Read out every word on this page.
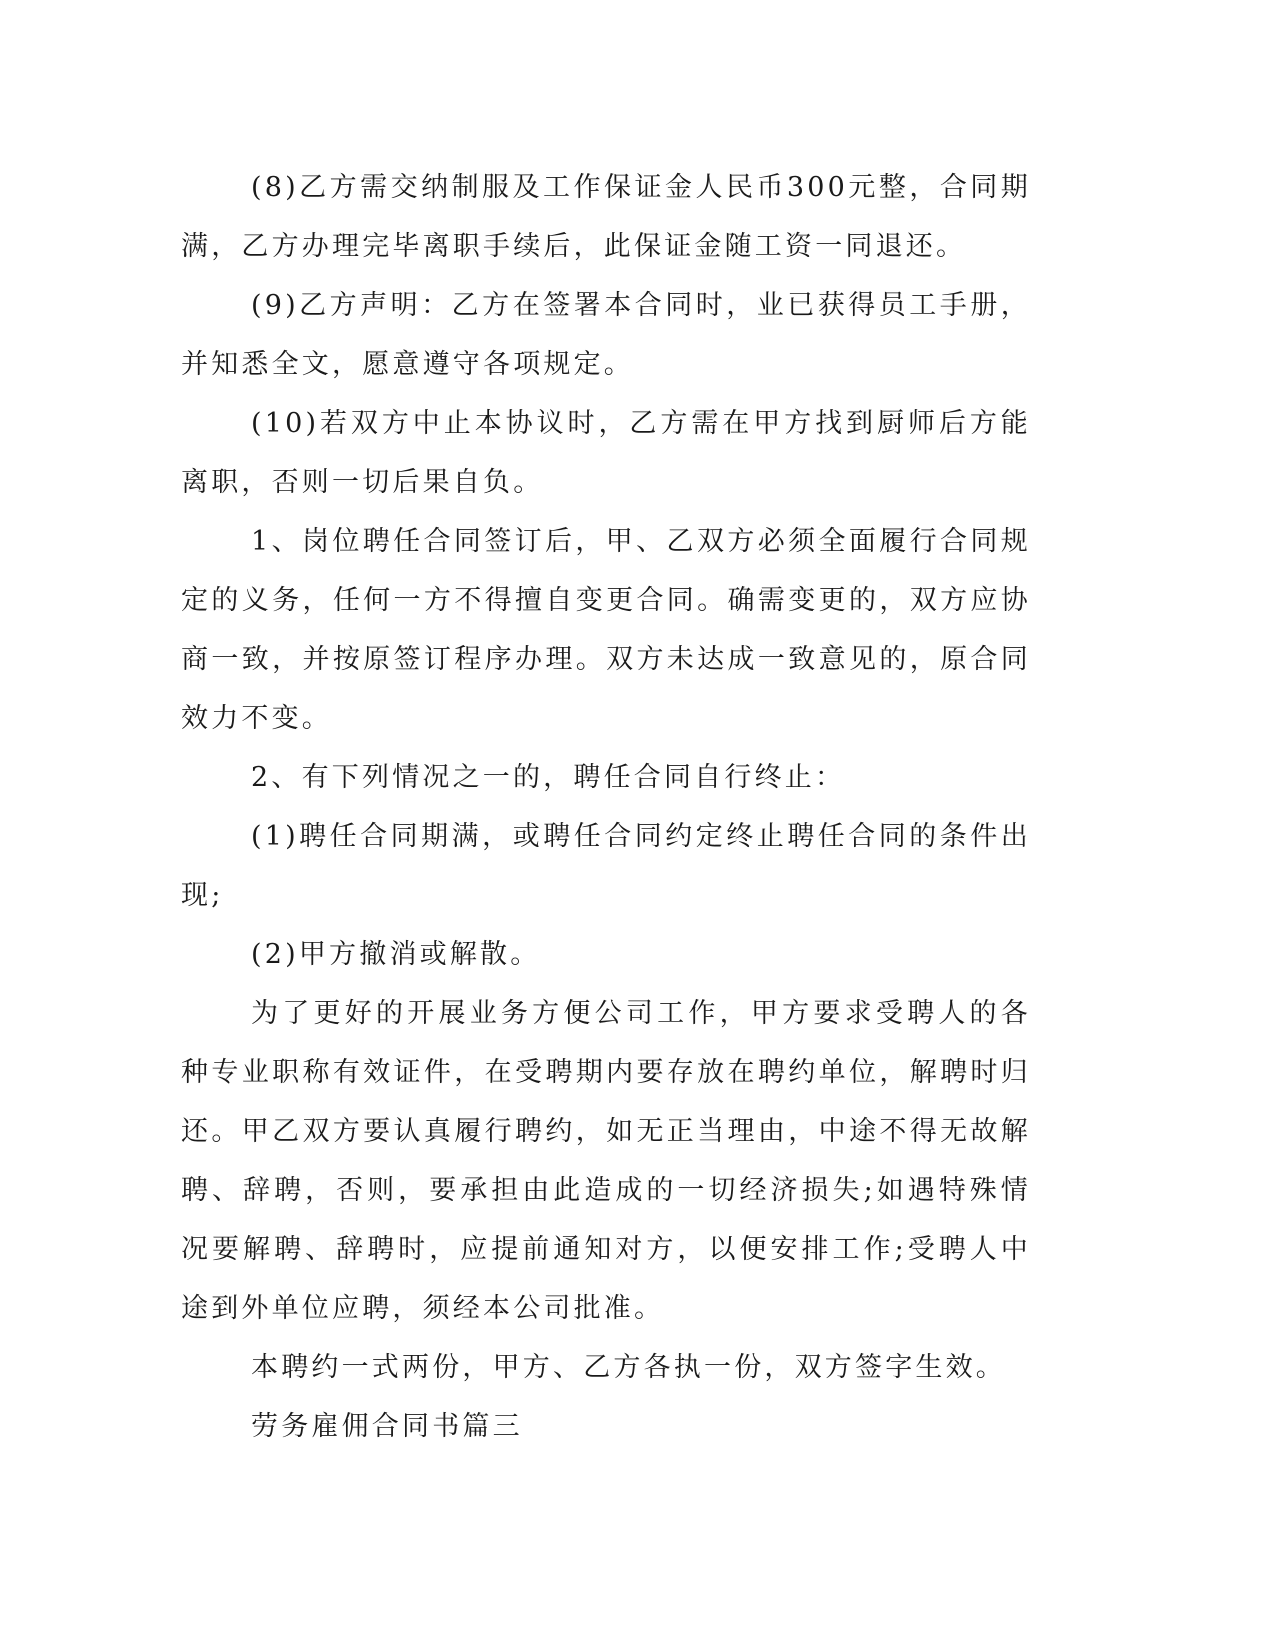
(8)乙方需交纳制服及工作保证金人民币300元整，合同期满，乙方办理完毕离职手续后，此保证金随工资一同退还。

(9)乙方声明：乙方在签署本合同时，业已获得员工手册，并知悉全文，愿意遵守各项规定。

(10)若双方中止本协议时，乙方需在甲方找到厨师后方能离职，否则一切后果自负。

1、岗位聘任合同签订后，甲、乙双方必须全面履行合同规定的义务，任何一方不得擅自变更合同。确需变更的，双方应协商一致，并按原签订程序办理。双方未达成一致意见的，原合同效力不变。

2、有下列情况之一的，聘任合同自行终止：

(1)聘任合同期满，或聘任合同约定终止聘任合同的条件出现;

(2)甲方撤消或解散。

为了更好的开展业务方便公司工作，甲方要求受聘人的各种专业职称有效证件，在受聘期内要存放在聘约单位，解聘时归还。甲乙双方要认真履行聘约，如无正当理由，中途不得无故解聘、辞聘，否则，要承担由此造成的一切经济损失;如遇特殊情况要解聘、辞聘时，应提前通知对方，以便安排工作;受聘人中途到外单位应聘，须经本公司批准。

本聘约一式两份，甲方、乙方各执一份，双方签字生效。

劳务雇佣合同书篇三
